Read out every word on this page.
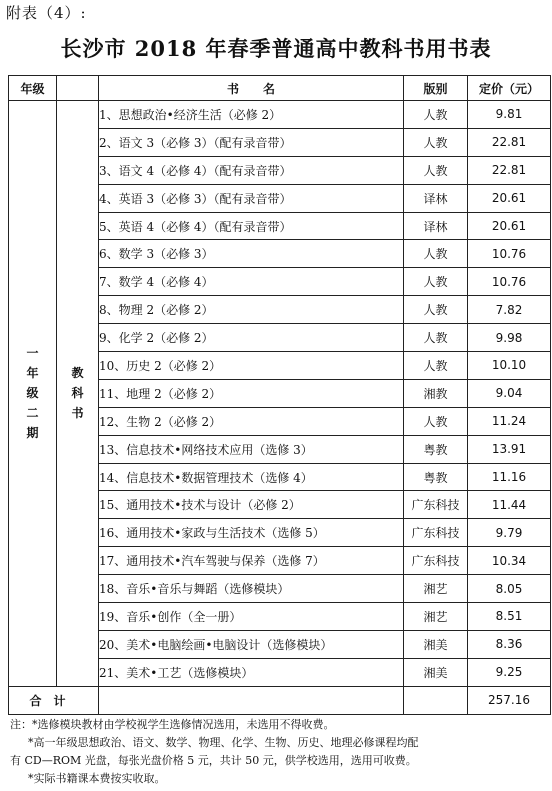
附表（4）:
长沙市 2018 年春季普通高中教科书用书表
年级		书　　名	版别	定价（元）
一年级二期	教科书	1、思想政治•经济生活（必修 2）	人教	9.81
		2、语文 3（必修 3）（配有录音带）	人教	22.81
		3、语文 4（必修 4）（配有录音带）	人教	22.81
		4、英语 3（必修 3）（配有录音带）	译林	20.61
		5、英语 4（必修 4）（配有录音带）	译林	20.61
		6、数学 3（必修 3）	人教	10.76
		7、数学 4（必修 4）	人教	10.76
		8、物理 2（必修 2）	人教	7.82
		9、化学 2（必修 2）	人教	9.98
		10、历史 2（必修 2）	人教	10.10
		11、地理 2（必修 2）	湘教	9.04
		12、生物 2（必修 2）	人教	11.24
		13、信息技术•网络技术应用（选修 3）	粤教	13.91
		14、信息技术•数据管理技术（选修 4）	粤教	11.16
		15、通用技术•技术与设计（必修 2）	广东科技	11.44
		16、通用技术•家政与生活技术（选修 5）	广东科技	9.79
		17、通用技术•汽车驾驶与保养（选修 7）	广东科技	10.34
		18、音乐•音乐与舞蹈（选修模块）	湘艺	8.05
		19、音乐•创作（全一册）	湘艺	8.51
		20、美术•电脑绘画•电脑设计（选修模块）	湘美	8.36
		21、美术•工艺（选修模块）	湘美	9.25
合计				257.16
注：*选修模块教材由学校视学生选修情况选用，未选用不得收费。
*高一年级思想政治、语文、数学、物理、化学、生物、历史、地理必修课程均配
有 CD—ROM 光盘，每张光盘价格 5 元，共计 50 元，供学校选用，选用可收费。
*实际书籍课本费按实收取。
